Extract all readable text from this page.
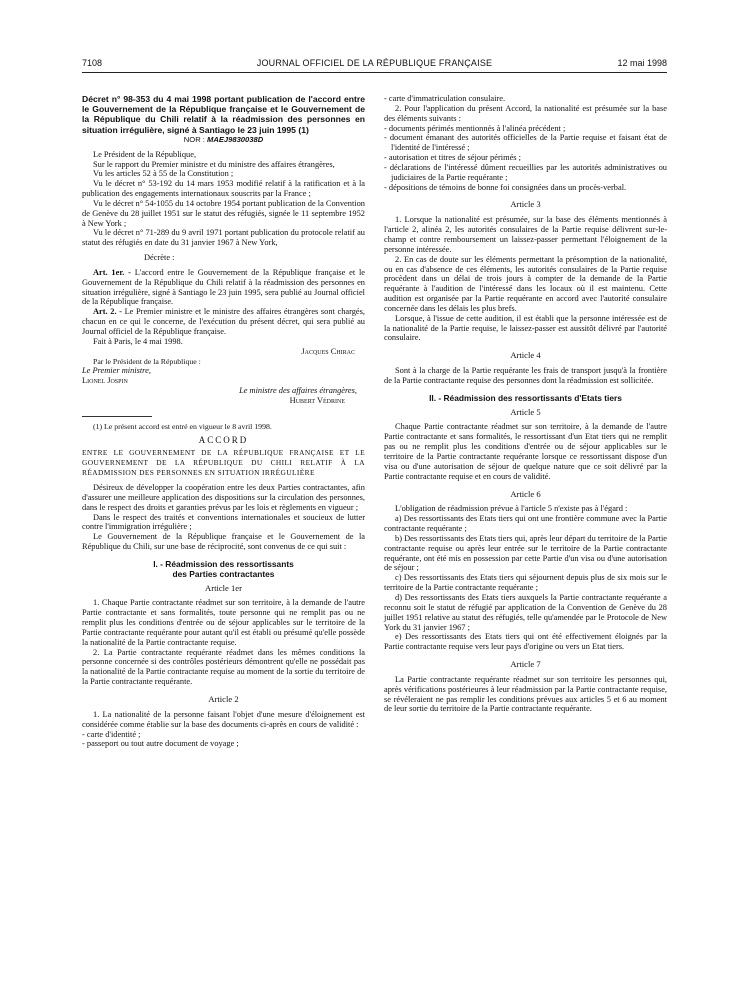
7108	JOURNAL OFFICIEL DE LA RÉPUBLIQUE FRANÇAISE	12 mai 1998

Décret n° 98-353 du 4 mai 1998 portant publication de l'accord entre le Gouvernement de la République française et le Gouvernement de la République du Chili relatif à la réadmission des personnes en situation irrégulière, signé à Santiago le 23 juin 1995 (1)

NOR : MAEJ9830038D

Le Président de la République,

Sur le rapport du Premier ministre et du ministre des affaires étrangères,

Vu les articles 52 à 55 de la Constitution ;

Vu le décret n° 53-192 du 14 mars 1953 modifié relatif à la ratification et à la publication des engagements internationaux souscrits par la France ;

Vu le décret n° 54-1055 du 14 octobre 1954 portant publication de la Convention de Genève du 28 juillet 1951 sur le statut des réfugiés, signée le 11 septembre 1952 à New York ;

Vu le décret n° 71-289 du 9 avril 1971 portant publication du protocole relatif au statut des réfugiés en date du 31 janvier 1967 à New York,

Décrète :

Art. 1er. - L'accord entre le Gouvernement de la République française et le Gouvernement de la République du Chili relatif à la réadmission des personnes en situation irrégulière, signé à Santiago le 23 juin 1995, sera publié au Journal officiel de la République française.

Art. 2. - Le Premier ministre et le ministre des affaires étrangères sont chargés, chacun en ce qui le concerne, de l'exécution du présent décret, qui sera publié au Journal officiel de la République française.

Fait à Paris, le 4 mai 1998.

Jacques Chirac

Par le Président de la République :

Le Premier ministre,

Lionel Jospin

Le ministre des affaires étrangères,

Hubert Védrine

(1) Le présent accord est entré en vigueur le 8 avril 1998.

ACCORD

ENTRE LE GOUVERNEMENT DE LA RÉPUBLIQUE FRANÇAISE ET LE GOUVERNEMENT DE LA RÉPUBLIQUE DU CHILI RELATIF À LA RÉADMISSION DES PERSONNES EN SITUATION IRRÉGULIÈRE

Désireux de développer la coopération entre les deux Parties contractantes, afin d'assurer une meilleure application des dispositions sur la circulation des personnes, dans le respect des droits et garanties prévus par les lois et règlements en vigueur ;

Dans le respect des traités et conventions internationales et soucieux de lutter contre l'immigration irrégulière ;

Le Gouvernement de la République française et le Gouvernement de la République du Chili, sur une base de réciprocité, sont convenus de ce qui suit :

I. - Réadmission des ressortissants
des Parties contractantes
Article 1er

1. Chaque Partie contractante réadmet sur son territoire, à la demande de l'autre Partie contractante et sans formalités, toute personne qui ne remplit pas ou ne remplit plus les conditions d'entrée ou de séjour applicables sur le territoire de la Partie contractante requérante pour autant qu'il est établi ou présumé qu'elle possède la nationalité de la Partie contractante requise.

2. La Partie contractante requérante réadmet dans les mêmes conditions la personne concernée si des contrôles postérieurs démontrent qu'elle ne possédait pas la nationalité de la Partie contractante requise au moment de la sortie du territoire de la Partie contractante requérante.

Article 2

1. La nationalité de la personne faisant l'objet d'une mesure d'éloignement est considérée comme établie sur la base des documents ci-après en cours de validité :

- carte d'identité ;
- passeport ou tout autre document de voyage ;
- carte d'immatriculation consulaire.

2. Pour l'application du présent Accord, la nationalité est présumée sur la base des éléments suivants :

- documents périmés mentionnés à l'alinéa précédent ;
- document émanant des autorités officielles de la Partie requise et faisant état de l'identité de l'intéressé ;
- autorisation et titres de séjour périmés ;
- déclarations de l'intéressé dûment recueillies par les autorités administratives ou judiciaires de la Partie requérante ;
- dépositions de témoins de bonne foi consignées dans un procès-verbal.
Article 3

1. Lorsque la nationalité est présumée, sur la base des éléments mentionnés à l'article 2, alinéa 2, les autorités consulaires de la Partie requise délivrent sur-le-champ et contre remboursement un laissez-passer permettant l'éloignement de la personne intéressée.

2. En cas de doute sur les éléments permettant la présomption de la nationalité, ou en cas d'absence de ces éléments, les autorités consulaires de la Partie requise procèdent dans un délai de trois jours à compter de la demande de la Partie requérante à l'audition de l'intéressé dans les locaux où il est maintenu. Cette audition est organisée par la Partie requérante en accord avec l'autorité consulaire concernée dans les délais les plus brefs.

Lorsque, à l'issue de cette audition, il est établi que la personne intéressée est de la nationalité de la Partie requise, le laissez-passer est aussitôt délivré par l'autorité consulaire.

Article 4

Sont à la charge de la Partie requérante les frais de transport jusqu'à la frontière de la Partie contractante requise des personnes dont la réadmission est sollicitée.

II. - Réadmission des ressortissants d'Etats tiers
Article 5

Chaque Partie contractante réadmet sur son territoire, à la demande de l'autre Partie contractante et sans formalités, le ressortissant d'un Etat tiers qui ne remplit pas ou ne remplit plus les conditions d'entrée ou de séjour applicables sur le territoire de la Partie contractante requérante lorsque ce ressortissant dispose d'un visa ou d'une autorisation de séjour de quelque nature que ce soit délivré par la Partie contractante requise et en cours de validité.

Article 6

L'obligation de réadmission prévue à l'article 5 n'existe pas à l'égard :

a) Des ressortissants des Etats tiers qui ont une frontière commune avec la Partie contractante requérante ;

b) Des ressortissants des Etats tiers qui, après leur départ du territoire de la Partie contractante requise ou après leur entrée sur le territoire de la Partie contractante requérante, ont été mis en possession par cette Partie d'un visa ou d'une autorisation de séjour ;

c) Des ressortissants des Etats tiers qui séjournent depuis plus de six mois sur le territoire de la Partie contractante requérante ;

d) Des ressortissants des Etats tiers auxquels la Partie contractante requérante a reconnu soit le statut de réfugié par application de la Convention de Genève du 28 juillet 1951 relative au statut des réfugiés, telle qu'amendée par le Protocole de New York du 31 janvier 1967 ;

e) Des ressortissants des Etats tiers qui ont été effectivement éloignés par la Partie contractante requise vers leur pays d'origine ou vers un Etat tiers.

Article 7

La Partie contractante requérante réadmet sur son territoire les personnes qui, après vérifications postérieures à leur réadmission par la Partie contractante requise, se révéleraient ne pas remplir les conditions prévues aux articles 5 et 6 au moment de leur sortie du territoire de la Partie contractante requérante.
